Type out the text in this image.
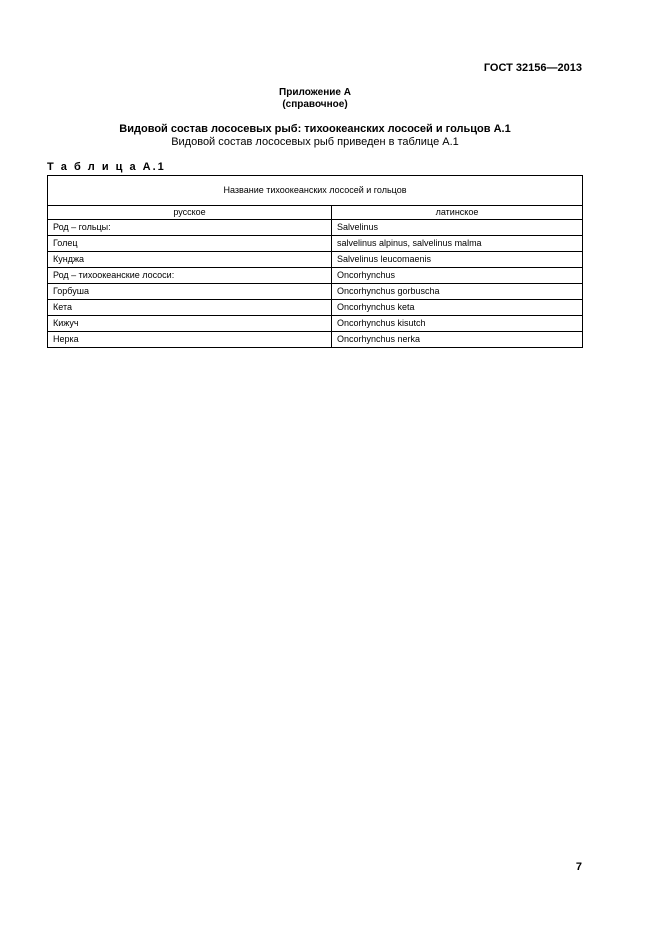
ГОСТ 32156—2013
Приложение А
(справочное)
Видовой состав лососевых рыб: тихоокеанских лососей и гольцов А.1
Видовой состав лососевых рыб приведен в таблице А.1
Т а б л и ц а А.1
Название тихоокеанских лососей и гольцов	
русское	латинское
Род – гольцы:	Salvelinus
Голец	salvelinus alpinus, salvelinus malma
Кунджа	Salvelinus leucomaenis
Род – тихоокеанские лососи:	Oncorhynchus
Горбуша	Oncorhynchus gorbuscha
Кета	Oncorhynchus keta
Кижуч	Oncorhynchus kisutch
Нерка	Oncorhynchus nerka
7
